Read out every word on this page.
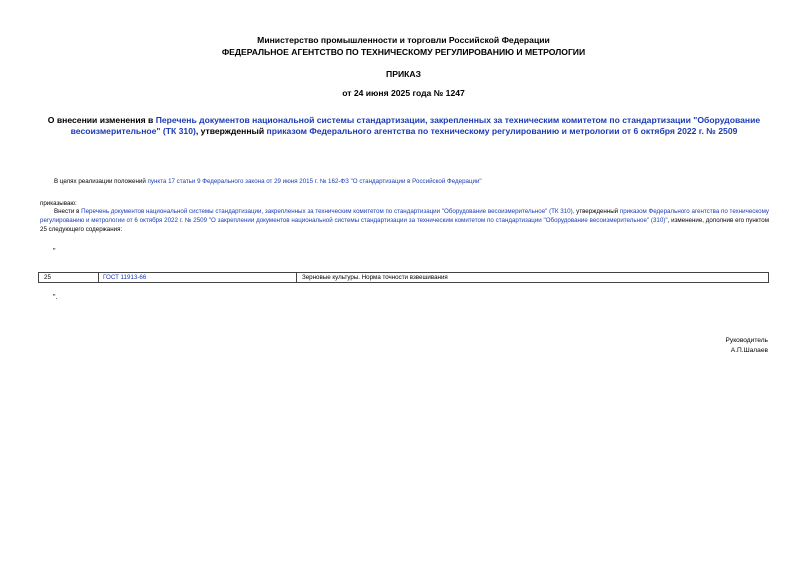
Министерство промышленности и торговли Российской Федерации
ФЕДЕРАЛЬНОЕ АГЕНТСТВО ПО ТЕХНИЧЕСКОМУ РЕГУЛИРОВАНИЮ И МЕТРОЛОГИИ
ПРИКАЗ
от 24 июня 2025 года № 1247
О внесении изменения в Перечень документов национальной системы стандартизации, закрепленных за техническим комитетом по стандартизации "Оборудование весоизмерительное" (ТК 310), утвержденный приказом Федерального агентства по техническому регулированию и метрологии от 6 октября 2022 г. № 2509
В целях реализации положений пункта 17 статьи 9 Федерального закона от 29 июня 2015 г. № 162-ФЗ "О стандартизации в Российской Федерации"
приказываю:
Внести в Перечень документов национальной системы стандартизации, закрепленных за техническим комитетом по стандартизации "Оборудование весоизмерительное" (ТК 310), утвержденный приказом Федерального агентства по техническому регулированию и метрологии от 6 октября 2022 г. № 2509 "О закреплении документов национальной системы стандартизации за техническим комитетом по стандартизации "Оборудование весоизмерительное" (310)", изменение, дополнив его пунктом 25 следующего содержания:
"
25	ГОСТ 11913-66	Зерновые культуры. Норма точности взвешивания
".
Руководитель
А.П.Шалаев
